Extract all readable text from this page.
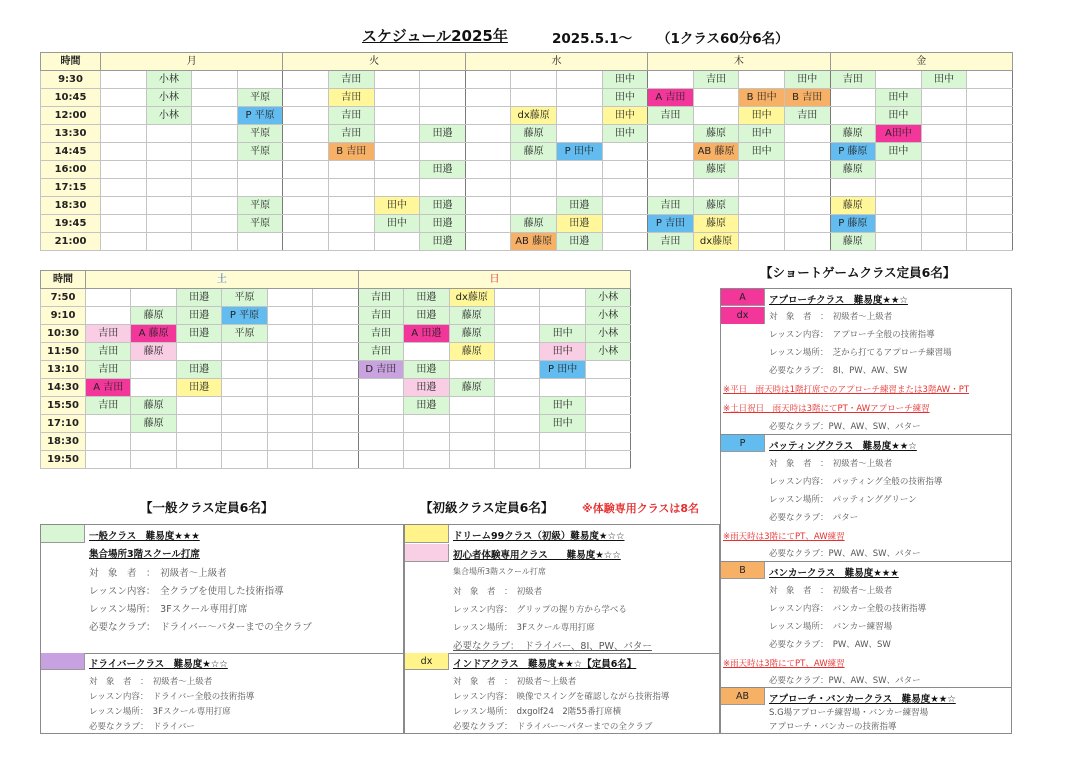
スケジュール2025年	2025.5.1～ （1クラス60分6名）
時間	月				火				水				木				金			
9:30		小林				吉田						田中		吉田		田中	吉田		田中	
10:45		小林		平原		吉田						田中	A 吉田		B 田中	B 吉田		田中		
12:00		小林		P 平原		吉田				dx藤原		田中	吉田		田中	吉田		田中		
13:30				平原		吉田		田邉		藤原		田中		藤原	田中		藤原	A田中		
14:45				平原		B 吉田				藤原	P 田中			AB 藤原	田中		P 藤原	田中		
16:00								田邉						藤原			藤原			
17:15																				
18:30				平原			田中	田邉			田邉		吉田	藤原			藤原			
19:45				平原			田中	田邉		藤原	田邉		P 吉田	藤原			P 藤原			
21:00								田邉		AB 藤原	田邉		吉田	dx藤原			藤原			
時間	土						日					
7:50			田邉	平原			吉田	田邉	dx藤原			小林
9:10		藤原	田邉	P 平原			吉田	田邉	藤原			小林
10:30	吉田	A 藤原	田邉	平原			吉田	A 田邉	藤原		田中	小林
11:50	吉田	藤原					吉田		藤原		田中	小林
13:10	吉田		田邉				D 吉田	田邉			P 田中	
14:30	A 吉田		田邉					田邉	藤原			
15:50	吉田	藤原						田邉			田中	
17:10		藤原									田中	
18:30												
19:50												
【一般クラス定員6名】
一般クラス　難易度★★★
集合場所3階スクール打席
対　象　者　：　初級者～上級者
レッスン内容：　全クラブを使用した技術指導
レッスン場所：　3Fスクール専用打席
必要なクラブ：　ドライバー～パターまでの全クラブ
ドライバークラス　難易度★☆☆
対　象　者　：　初級者～上級者
レッスン内容：　ドライバー全般の技術指導
レッスン場所：　3Fスクール専用打席
必要なクラブ：　ドライバー
【初級クラス定員6名】	※体験専用クラスは8名
ドリーム99クラス（初級）難易度★☆☆
初心者体験専用クラス　　難易度★☆☆
集合場所3階スクール打席
対　象　者　：　初級者
レッスン内容：　グリップの握り方から学べる
レッスン場所：　3Fスクール専用打席
必要なクラブ：　ドライバー、8I、PW、パター
dx	インドアクラス　難易度★★☆【定員6名】
対　象　者　：　初級者～上級者
レッスン内容：　映像でスイングを確認しながら技術指導
レッスン場所：　dxgolf24　2階55番打席横
必要なクラブ：　ドライバー～パターまでの全クラブ
【ショートゲームクラス定員6名】
A	アプローチクラス　難易度★★☆
dx	対　象　者　：　初級者～上級者
レッスン内容：　アプローチ全般の技術指導
レッスン場所：　芝から打てるアプローチ練習場
必要なクラブ：　8I、PW、AW、SW
※平日　雨天時は1階打席でのアプローチ練習または3階AW・PT
※土日祝日　雨天時は3階にてPT・AWアプローチ練習
必要なクラブ：PW、AW、SW、パター
P	パッティングクラス　難易度★★☆
対　象　者　：　初級者～上級者
レッスン内容：　パッティング全般の技術指導
レッスン場所：　パッティンググリーン
必要なクラブ：　パター
※雨天時は3階にてPT、AW練習
必要なクラブ：PW、AW、SW、パター
B	バンカークラス　難易度★★★
対　象　者　：　初級者～上級者
レッスン内容：　バンカー全般の技術指導
レッスン場所：　バンカー練習場
必要なクラブ：　PW、AW、SW
※雨天時は3階にてPT、AW練習
必要なクラブ：PW、AW、SW、パター
AB	アプローチ・バンカークラス　難易度★★☆
S.G場アプローチ練習場・バンカー練習場
アプローチ・バンカーの技術指導
